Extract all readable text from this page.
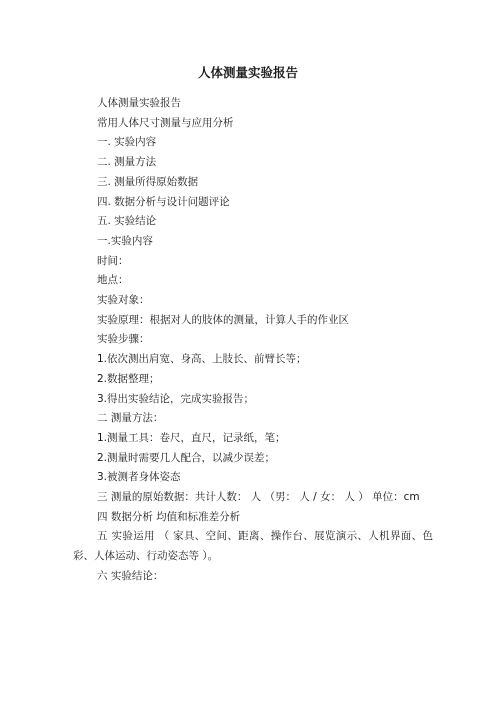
人体测量实验报告
人体测量实验报告
常用人体尺寸测量与应用分析
一. 实验内容
二. 测量方法
三. 测量所得原始数据
四. 数据分析与设计问题评论
五. 实验结论
一.实验内容
时间：
地点：
实验对象：
实验原理：根据对人的肢体的测量，计算人手的作业区
实验步骤：
1.依次测出肩宽、身高、上肢长、前臂长等；
2.数据整理；
3.得出实验结论，完成实验报告；
二 测量方法：
1.测量工具：卷尺，直尺，记录纸，笔；
2.测量时需要几人配合，以减少误差；
3.被测者身体姿态
三 测量的原始数据：共计人数： 人 （男： 人 / 女： 人 ） 单位：cm
四 数据分析 均值和标准差分析
五 实验运用 （ 家具、空间、距离、操作台、展览演示、人机界面、色彩、人体运动、行动姿态等 ）。
六 实验结论：
